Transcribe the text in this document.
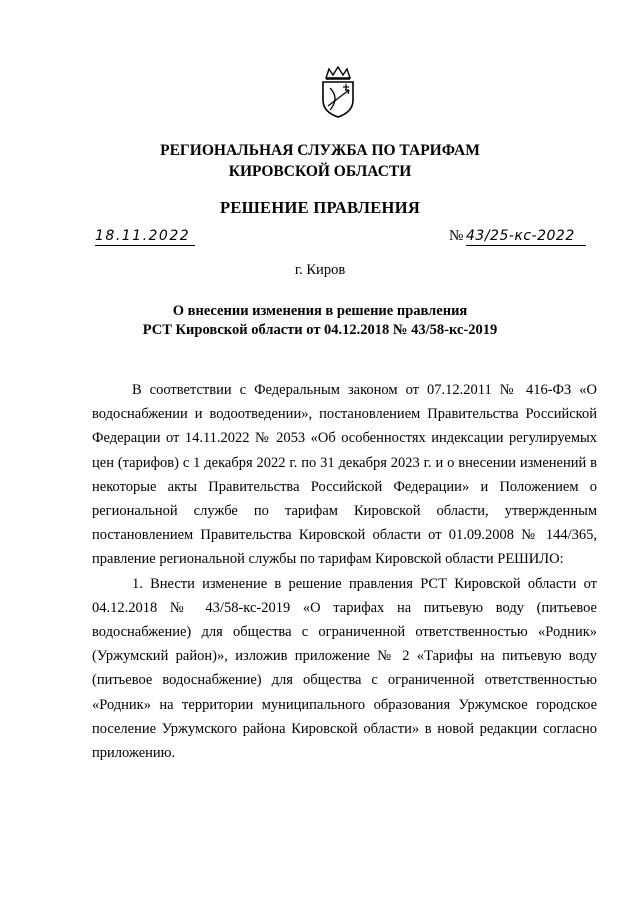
РЕГИОНАЛЬНАЯ СЛУЖБА ПО ТАРИФАМ
КИРОВСКОЙ ОБЛАСТИ
РЕШЕНИЕ ПРАВЛЕНИЯ
18.11.2022	№ 43/25-кс-2022
г. Киров
О внесении изменения в решение правления
РСТ Кировской области от 04.12.2018 № 43/58-кс-2019

В соответствии с Федеральным законом от 07.12.2011 № 416-ФЗ «О водоснабжении и водоотведении», постановлением Правительства Российской Федерации от 14.11.2022 № 2053 «Об особенностях индексации регулируемых цен (тарифов) с 1 декабря 2022 г. по 31 декабря 2023 г. и о внесении изменений в некоторые акты Правительства Российской Федерации» и Положением о региональной службе по тарифам Кировской области, утвержденным постановлением Правительства Кировской области от 01.09.2008 № 144/365, правление региональной службы по тарифам Кировской области РЕШИЛО:

1. Внести изменение в решение правления РСТ Кировской области от 04.12.2018 № 43/58-кс-2019 «О тарифах на питьевую воду (питьевое водоснабжение) для общества с ограниченной ответственностью «Родник» (Уржумский район)», изложив приложение № 2 «Тарифы на питьевую воду (питьевое водоснабжение) для общества с ограниченной ответственностью «Родник» на территории муниципального образования Уржумское городское поселение Уржумского района Кировской области» в новой редакции согласно приложению.
